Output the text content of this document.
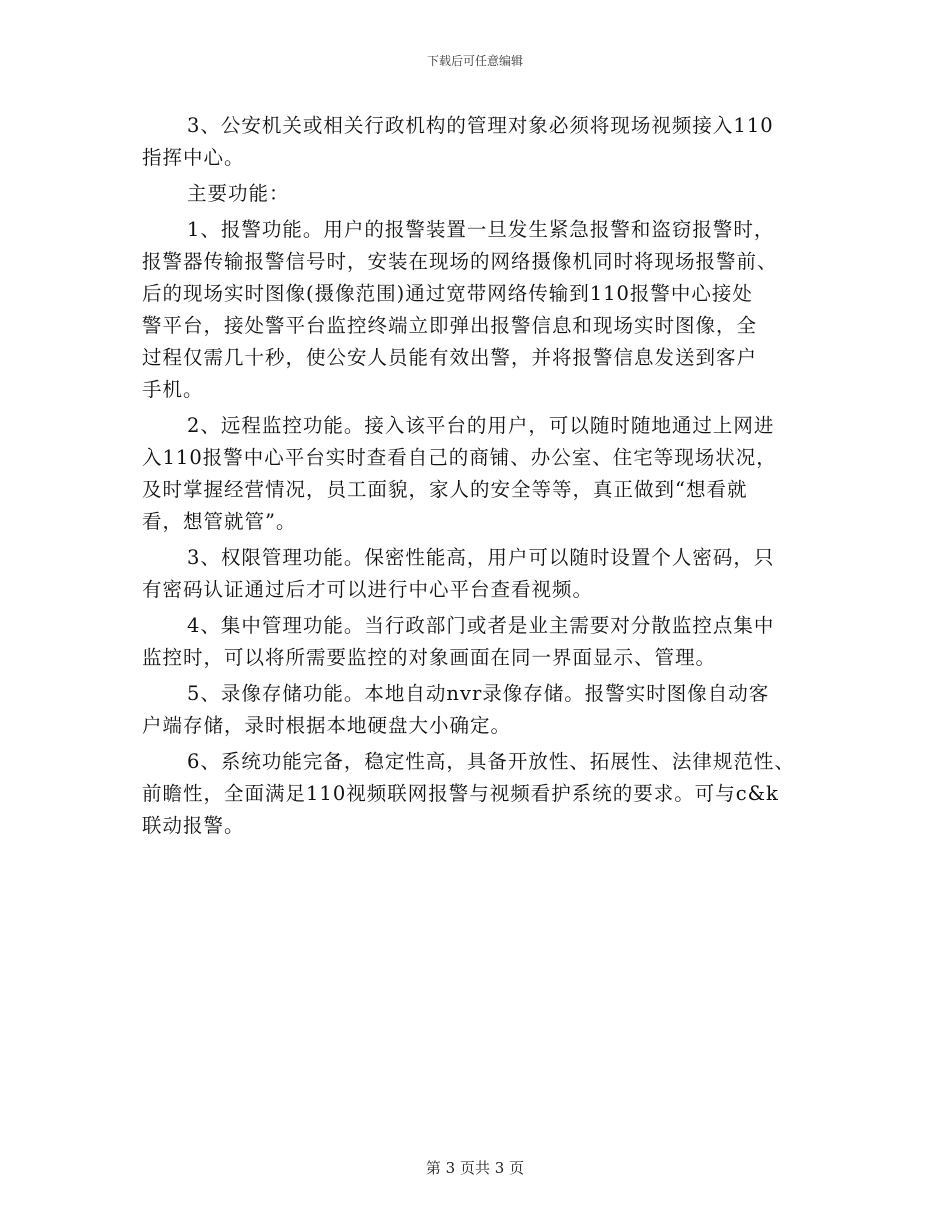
下载后可任意编辑
3、公安机关或相关行政机构的管理对象必须将现场视频接入110
指挥中心。
主要功能：
1、报警功能。用户的报警装置一旦发生紧急报警和盗窃报警时，
报警器传输报警信号时，安装在现场的网络摄像机同时将现场报警前、
后的现场实时图像(摄像范围)通过宽带网络传输到110报警中心接处
警平台，接处警平台监控终端立即弹出报警信息和现场实时图像，全
过程仅需几十秒，使公安人员能有效出警，并将报警信息发送到客户
手机。
2、远程监控功能。接入该平台的用户，可以随时随地通过上网进
入110报警中心平台实时查看自己的商铺、办公室、住宅等现场状况，
及时掌握经营情况，员工面貌，家人的安全等等，真正做到“想看就
看，想管就管”。
3、权限管理功能。保密性能高，用户可以随时设置个人密码，只
有密码认证通过后才可以进行中心平台查看视频。
4、集中管理功能。当行政部门或者是业主需要对分散监控点集中
监控时，可以将所需要监控的对象画面在同一界面显示、管理。
5、录像存储功能。本地自动nvr录像存储。报警实时图像自动客
户端存储，录时根据本地硬盘大小确定。
6、系统功能完备，稳定性高，具备开放性、拓展性、法律规范性、
前瞻性，全面满足110视频联网报警与视频看护系统的要求。可与c&k
联动报警。
第 3 页共 3 页
